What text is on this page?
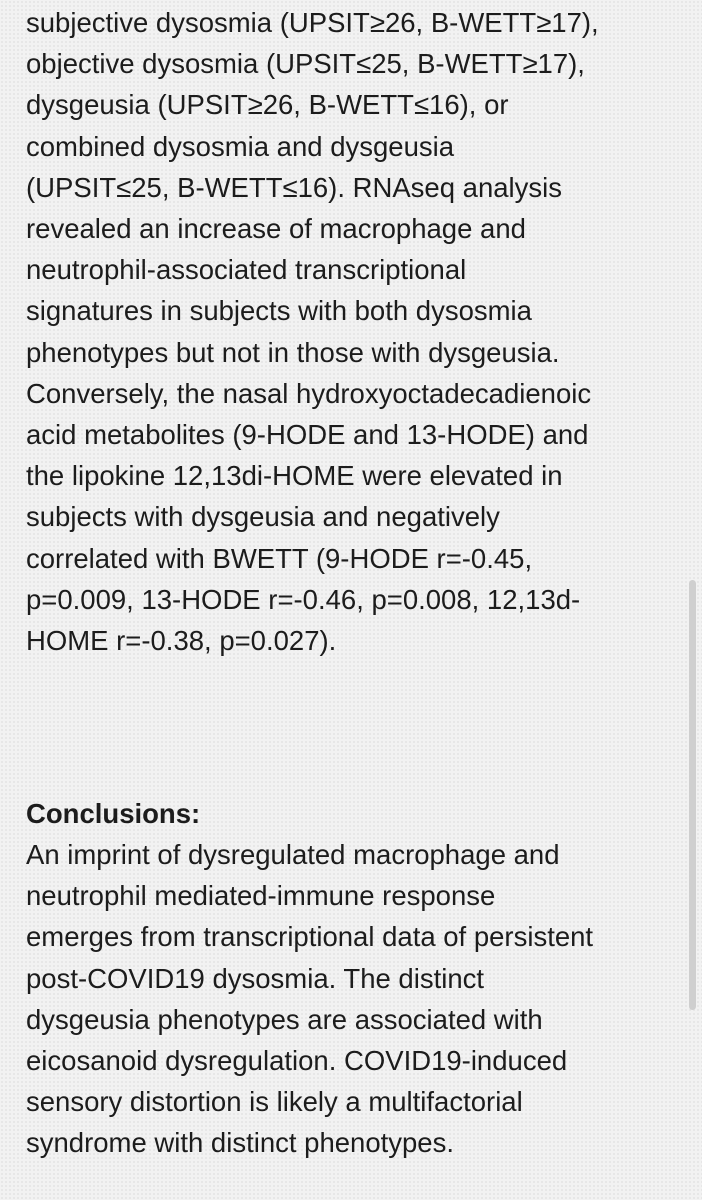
subjective dysosmia (UPSIT≥26, B-WETT≥17),
objective dysosmia (UPSIT≤25, B-WETT≥17),
dysgeusia (UPSIT≥26, B-WETT≤16), or
combined dysosmia and dysgeusia
(UPSIT≤25, B-WETT≤16). RNAseq analysis
revealed an increase of macrophage and
neutrophil-associated transcriptional
signatures in subjects with both dysosmia
phenotypes but not in those with dysgeusia.
Conversely, the nasal hydroxyoctadecadienoic
acid metabolites (9-HODE and 13-HODE) and
the lipokine 12,13di-HOME were elevated in
subjects with dysgeusia and negatively
correlated with BWETT (9-HODE r=-0.45,
p=0.009, 13-HODE r=-0.46, p=0.008, 12,13d-
HOME r=-0.38, p=0.027).

Conclusions:

An imprint of dysregulated macrophage and
neutrophil mediated-immune response
emerges from transcriptional data of persistent
post-COVID19 dysosmia. The distinct
dysgeusia phenotypes are associated with
eicosanoid dysregulation. COVID19-induced
sensory distortion is likely a multifactorial
syndrome with distinct phenotypes.
